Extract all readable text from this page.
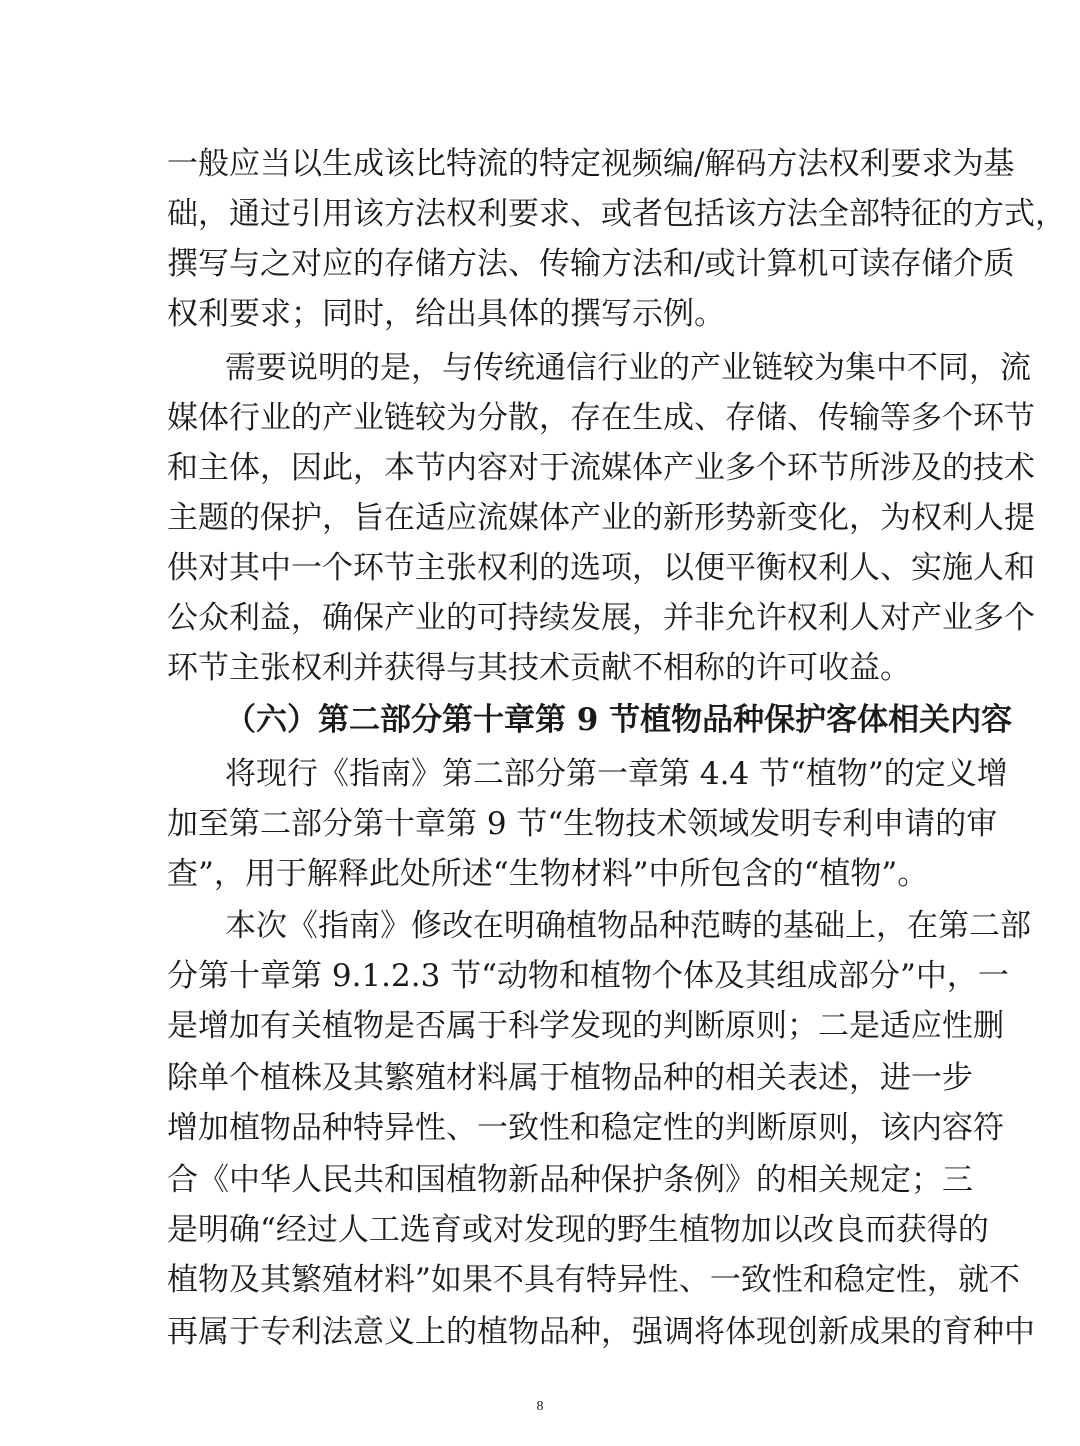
一般应当以生成该比特流的特定视频编/解码方法权利要求为基
础，通过引用该方法权利要求、或者包括该方法全部特征的方式，
撰写与之对应的存储方法、传输方法和/或计算机可读存储介质
权利要求；同时，给出具体的撰写示例。
需要说明的是，与传统通信行业的产业链较为集中不同，流
媒体行业的产业链较为分散，存在生成、存储、传输等多个环节
和主体，因此，本节内容对于流媒体产业多个环节所涉及的技术
主题的保护，旨在适应流媒体产业的新形势新变化，为权利人提
供对其中一个环节主张权利的选项，以便平衡权利人、实施人和
公众利益，确保产业的可持续发展，并非允许权利人对产业多个
环节主张权利并获得与其技术贡献不相称的许可收益。
（六）第二部分第十章第 9 节植物品种保护客体相关内容
将现行《指南》第二部分第一章第 4.4 节“植物”的定义增
加至第二部分第十章第 9 节“生物技术领域发明专利申请的审
查”，用于解释此处所述“生物材料”中所包含的“植物”。
本次《指南》修改在明确植物品种范畴的基础上，在第二部
分第十章第 9.1.2.3 节“动物和植物个体及其组成部分”中，一
是增加有关植物是否属于科学发现的判断原则；二是适应性删
除单个植株及其繁殖材料属于植物品种的相关表述，进一步
增加植物品种特异性、一致性和稳定性的判断原则，该内容符
合《中华人民共和国植物新品种保护条例》的相关规定；三
是明确“经过人工选育或对发现的野生植物加以改良而获得的
植物及其繁殖材料”如果不具有特异性、一致性和稳定性，就不
再属于专利法意义上的植物品种，强调将体现创新成果的育种中
8
